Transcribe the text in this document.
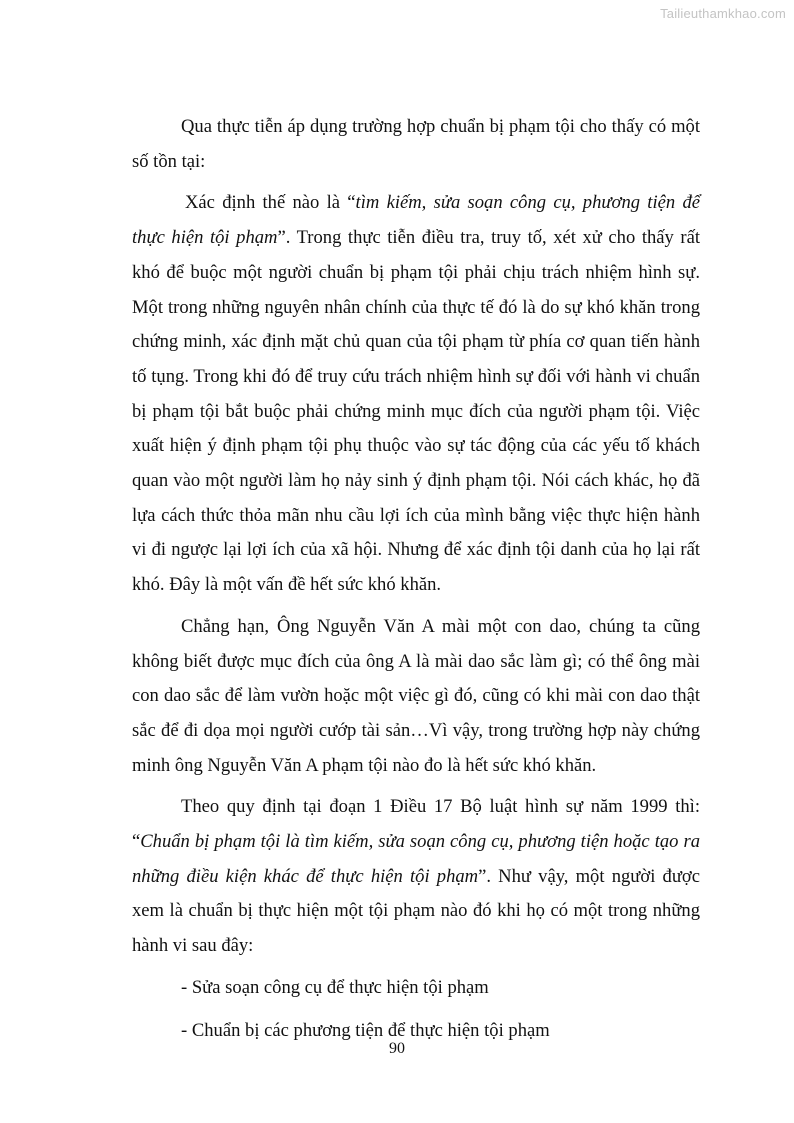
Tailieuthamkhao.com

Qua thực tiễn áp dụng trường hợp chuẩn bị phạm tội cho thấy có một số tồn tại:

Xác định thế nào là “tìm kiếm, sửa soạn công cụ, phương tiện để thực hiện tội phạm”. Trong thực tiễn điều tra, truy tố, xét xử cho thấy rất khó để buộc một người chuẩn bị phạm tội phải chịu trách nhiệm hình sự. Một trong những nguyên nhân chính của thực tế đó là do sự khó khăn trong chứng minh, xác định mặt chủ quan của tội phạm từ phía cơ quan tiến hành tố tụng. Trong khi đó để truy cứu trách nhiệm hình sự đối với hành vi chuẩn bị phạm tội bắt buộc phải chứng minh mục đích của người phạm tội. Việc xuất hiện ý định phạm tội phụ thuộc vào sự tác động của các yếu tố khách quan vào một người làm họ nảy sinh ý định phạm tội. Nói cách khác, họ đã lựa cách thức thỏa mãn nhu cầu lợi ích của mình bằng việc thực hiện hành vi đi ngược lại lợi ích của xã hội. Nhưng để xác định tội danh của họ lại rất khó. Đây là một vấn đề hết sức khó khăn.

Chẳng hạn, Ông Nguyễn Văn A mài một con dao, chúng ta cũng không biết được mục đích của ông A là mài dao sắc làm gì; có thể ông mài con dao sắc để làm vườn hoặc một việc gì đó, cũng có khi mài con dao thật sắc để đi dọa mọi người cướp tài sản…Vì vậy, trong trường hợp này chứng minh ông Nguyễn Văn A phạm tội nào đo là hết sức khó khăn.

Theo quy định tại đoạn 1 Điều 17 Bộ luật hình sự năm 1999 thì: “Chuẩn bị phạm tội là tìm kiếm, sửa soạn công cụ, phương tiện hoặc tạo ra những điều kiện khác để thực hiện tội phạm”. Như vậy, một người được xem là chuẩn bị thực hiện một tội phạm nào đó khi họ có một trong những hành vi sau đây:

- Sửa soạn công cụ để thực hiện tội phạm

- Chuẩn bị các phương tiện để thực hiện tội phạm

90
